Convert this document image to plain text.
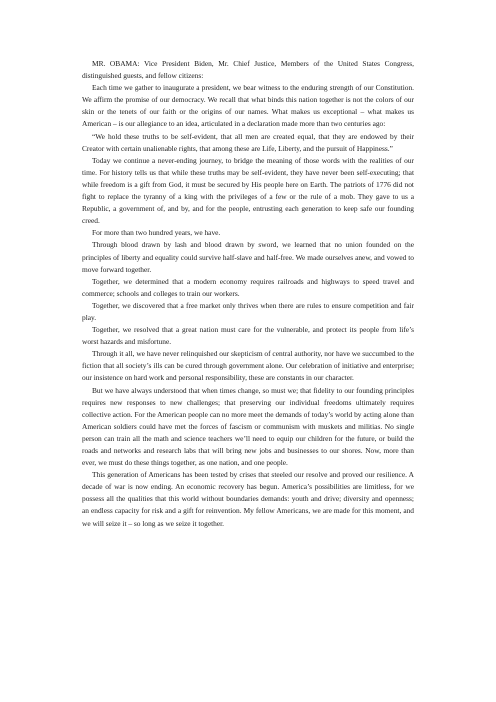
MR. OBAMA: Vice President Biden, Mr. Chief Justice, Members of the United States Congress, distinguished guests, and fellow citizens:

Each time we gather to inaugurate a president, we bear witness to the enduring strength of our Constitution. We affirm the promise of our democracy. We recall that what binds this nation together is not the colors of our skin or the tenets of our faith or the origins of our names. What makes us exceptional – what makes us American – is our allegiance to an idea, articulated in a declaration made more than two centuries ago:

“We hold these truths to be self-evident, that all men are created equal, that they are endowed by their Creator with certain unalienable rights, that among these are Life, Liberty, and the pursuit of Happiness.”

Today we continue a never-ending journey, to bridge the meaning of those words with the realities of our time. For history tells us that while these truths may be self-evident, they have never been self-executing; that while freedom is a gift from God, it must be secured by His people here on Earth. The patriots of 1776 did not fight to replace the tyranny of a king with the privileges of a few or the rule of a mob. They gave to us a Republic, a government of, and by, and for the people, entrusting each generation to keep safe our founding creed.

For more than two hundred years, we have.

Through blood drawn by lash and blood drawn by sword, we learned that no union founded on the principles of liberty and equality could survive half-slave and half-free. We made ourselves anew, and vowed to move forward together.

Together, we determined that a modern economy requires railroads and highways to speed travel and commerce; schools and colleges to train our workers.

Together, we discovered that a free market only thrives when there are rules to ensure competition and fair play.

Together, we resolved that a great nation must care for the vulnerable, and protect its people from life’s worst hazards and misfortune.

Through it all, we have never relinquished our skepticism of central authority, nor have we succumbed to the fiction that all society’s ills can be cured through government alone. Our celebration of initiative and enterprise; our insistence on hard work and personal responsibility, these are constants in our character.

But we have always understood that when times change, so must we; that fidelity to our founding principles requires new responses to new challenges; that preserving our individual freedoms ultimately requires collective action. For the American people can no more meet the demands of today’s world by acting alone than American soldiers could have met the forces of fascism or communism with muskets and militias. No single person can train all the math and science teachers we’ll need to equip our children for the future, or build the roads and networks and research labs that will bring new jobs and businesses to our shores. Now, more than ever, we must do these things together, as one nation, and one people.

This generation of Americans has been tested by crises that steeled our resolve and proved our resilience. A decade of war is now ending. An economic recovery has begun. America’s possibilities are limitless, for we possess all the qualities that this world without boundaries demands: youth and drive; diversity and openness; an endless capacity for risk and a gift for reinvention. My fellow Americans, we are made for this moment, and we will seize it – so long as we seize it together.
